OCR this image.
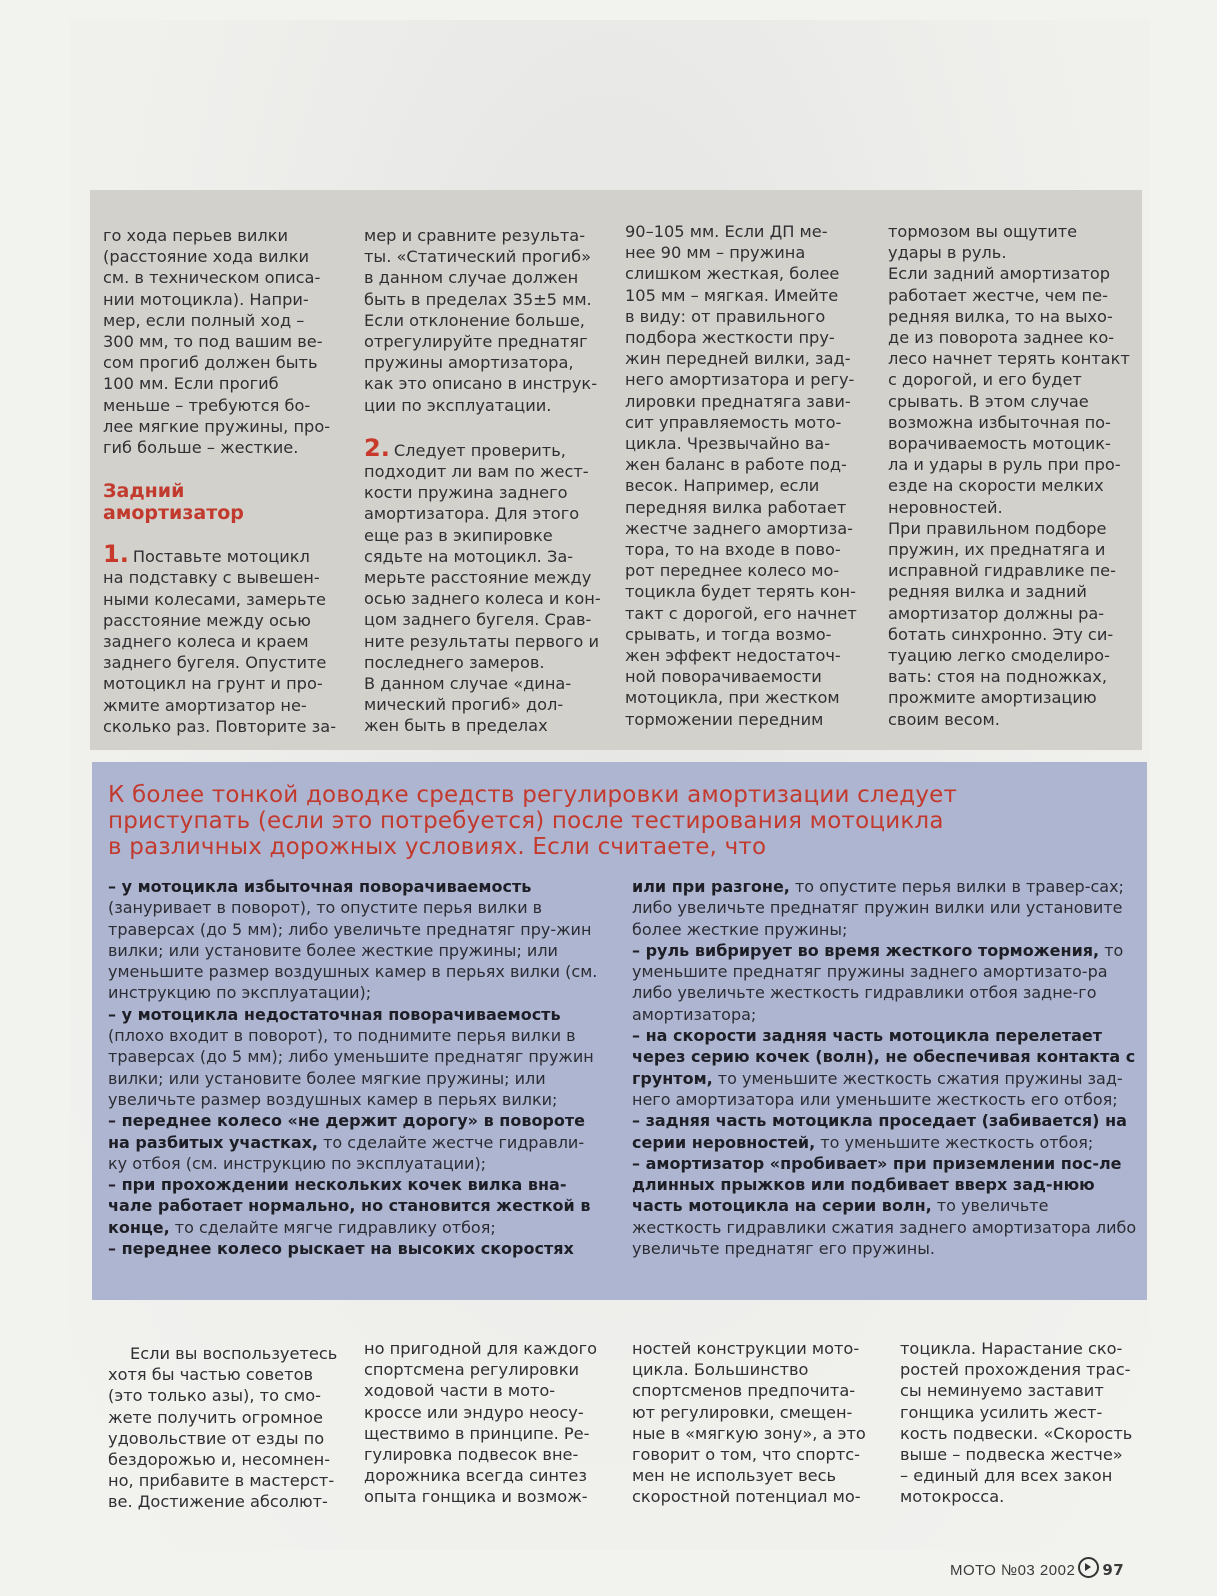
го хода перьев вилки
(расстояние хода вилки
см. в техническом описа-
нии мотоцикла). Напри-
мер, если полный ход –
300 мм, то под вашим ве-
сом прогиб должен быть
100 мм. Если прогиб
меньше – требуются бо-
лее мягкие пружины, про-
гиб больше – жесткие.
Задний
амортизатор
1. Поставьте мотоцикл
на подставку с вывешен-
ными колесами, замерьте
расстояние между осью
заднего колеса и краем
заднего бугеля. Опустите
мотоцикл на грунт и про-
жмите амортизатор не-
сколько раз. Повторите за-
мер и сравните результа-
ты. «Статический прогиб»
в данном случае должен
быть в пределах 35±5 мм.
Если отклонение больше,
отрегулируйте преднатяг
пружины амортизатора,
как это описано в инструк-
ции по эксплуатации.
2. Следует проверить,
подходит ли вам по жест-
кости пружина заднего
амортизатора. Для этого
еще раз в экипировке
сядьте на мотоцикл. За-
мерьте расстояние между
осью заднего колеса и кон-
цом заднего бугеля. Срав-
ните результаты первого и
последнего замеров.
В данном случае «дина-
мический прогиб» дол-
жен быть в пределах
90–105 мм. Если ДП ме-
нее 90 мм – пружина
слишком жесткая, более
105 мм – мягкая. Имейте
в виду: от правильного
подбора жесткости пру-
жин передней вилки, зад-
него амортизатора и регу-
лировки преднатяга зави-
сит управляемость мото-
цикла. Чрезвычайно ва-
жен баланс в работе под-
весок. Например, если
передняя вилка работает
жестче заднего амортиза-
тора, то на входе в пово-
рот переднее колесо мо-
тоцикла будет терять кон-
такт с дорогой, его начнет
срывать, и тогда возмо-
жен эффект недостаточ-
ной поворачиваемости
мотоцикла, при жестком
торможении передним
тормозом вы ощутите
удары в руль.
Если задний амортизатор
работает жестче, чем пе-
редняя вилка, то на выхо-
де из поворота заднее ко-
лесо начнет терять контакт
с дорогой, и его будет
срывать. В этом случае
возможна избыточная по-
ворачиваемость мотоцик-
ла и удары в руль при про-
езде на скорости мелких
неровностей.
При правильном подборе
пружин, их преднатяга и
исправной гидравлике пе-
редняя вилка и задний
амортизатор должны ра-
ботать синхронно. Эту си-
туацию легко смоделиро-
вать: стоя на подножках,
прожмите амортизацию
своим весом.
К более тонкой доводке средств регулировки амортизации следует
приступать (если это потребуется) после тестирования мотоцикла
в различных дорожных условиях. Если считаете, что

– у мотоцикла избыточная поворачиваемость (занyривает в поворот), то опустите перья вилки в траверсах (до 5 мм); либо увеличьте преднатяг пру-жин вилки; или установите более жесткие пружины; или уменьшите размер воздушных камер в перьях вилки (см. инструкцию по эксплуатации);

– у мотоцикла недостаточная поворачиваемость (плохо входит в поворот), то поднимите перья вилки в траверсах (до 5 мм); либо уменьшите преднатяг пружин вилки; или установите более мягкие пружины; или увеличьте размер воздушных камер в перьях вилки;

– переднее колесо «не держит дорогу» в повороте на разбитых участках, то сделайте жестче гидравли-ку отбоя (см. инструкцию по эксплуатации);

– при прохождении нескольких кочек вилка вна-чале работает нормально, но становится жесткой в конце, то сделайте мягче гидравлику отбоя;

– переднее колесо рыскает на высоких скоростях

или при разгоне, то опустите перья вилки в травер-сах; либо увеличьте преднатяг пружин вилки или установите более жесткие пружины;

– руль вибрирует во время жесткого торможения, то уменьшите преднатяг пружины заднего амортизато-ра либо увеличьте жесткость гидравлики отбоя задне-го амортизатора;

– на скорости задняя часть мотоцикла перелетает через серию кочек (волн), не обеспечивая контакта с грунтом, то уменьшите жесткость сжатия пружины зад-него амортизатора или уменьшите жесткость его отбоя;

– задняя часть мотоцикла проседает (забивается) на серии неровностей, то уменьшите жесткость отбоя;

– амортизатор «пробивает» при приземлении пос-ле длинных прыжков или подбивает вверх зад-нюю часть мотоцикла на серии волн, то увеличьте жесткость гидравлики сжатия заднего амортизатора либо увеличьте преднатяг его пружины.

Если вы воспользуетесь
хотя бы частью советов
(это только азы), то смо-
жете получить огромное
удовольствие от езды по
бездорожью и, несомнен-
но, прибавите в мастерст-
ве. Достижение абсолют-
но пригодной для каждого
спортсмена регулировки
ходовой части в мото-
кроссе или эндуро неосу-
ществимо в принципе. Ре-
гулировка подвесок вне-
дорожника всегда синтез
опыта гонщика и возмож-
ностей конструкции мото-
цикла. Большинство
спортсменов предпочита-
ют регулировки, смещен-
ные в «мягкую зону», а это
говорит о том, что спортс-
мен не использует весь
скоростной потенциал мо-
тоцикла. Нарастание ско-
ростей прохождения трас-
сы неминуемо заставит
гонщика усилить жест-
кость подвески. «Скорость
выше – подвеска жестче»
– единый для всех закон
мотокросса.
МОТО №03 2002 97
